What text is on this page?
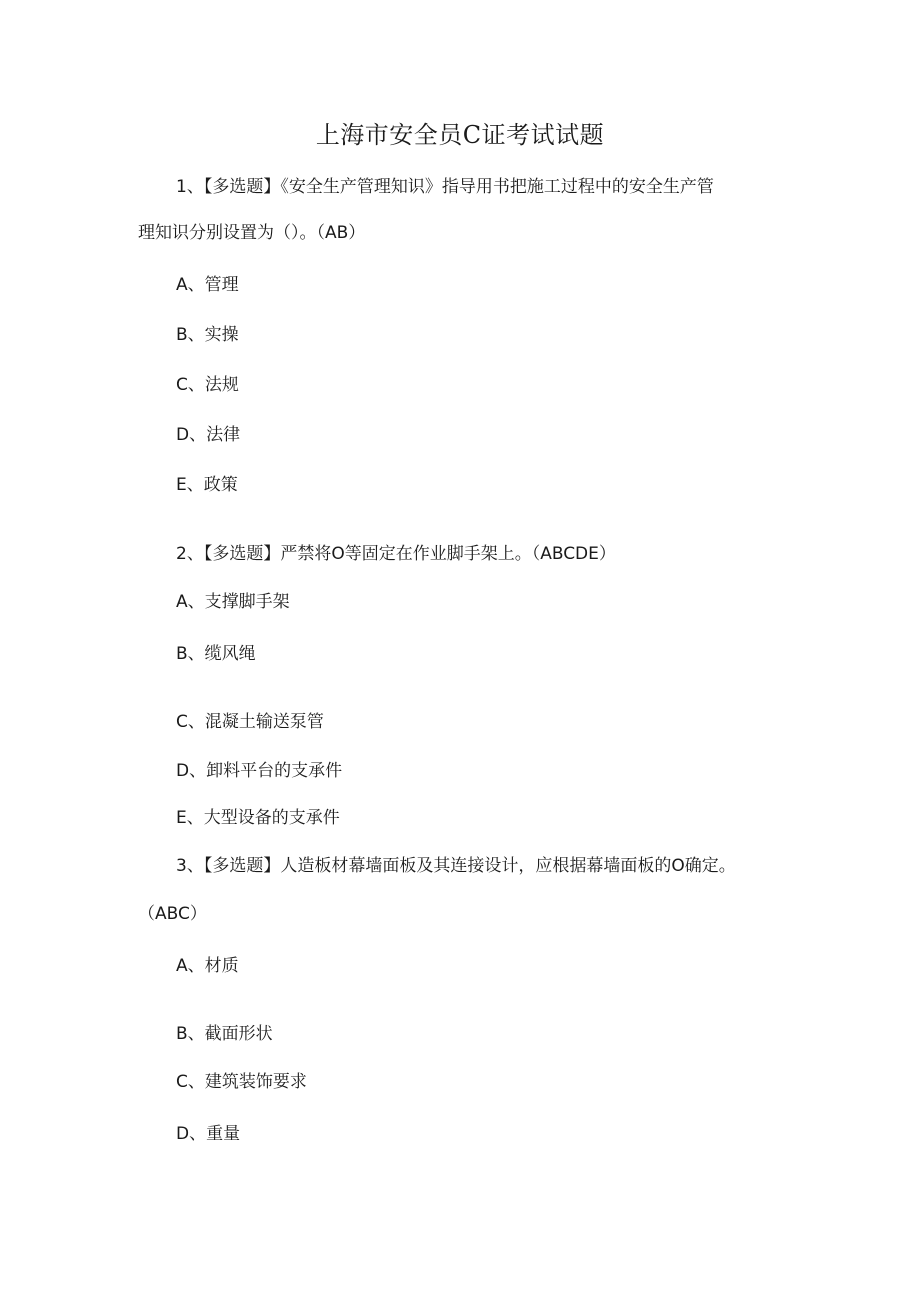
上海市安全员C证考试试题
1、【多选题】《安全生产管理知识》指导用书把施工过程中的安全生产管
理知识分别设置为（）。（AB）
A、管理
B、实操
C、法规
D、法律
E、政策
2、【多选题】严禁将O等固定在作业脚手架上。（ABCDE）
A、支撑脚手架
B、缆风绳
C、混凝土输送泵管
D、卸料平台的支承件
E、大型设备的支承件
3、【多选题】人造板材幕墙面板及其连接设计，应根据幕墙面板的O确定。
（ABC）
A、材质
B、截面形状
C、建筑装饰要求
D、重量
